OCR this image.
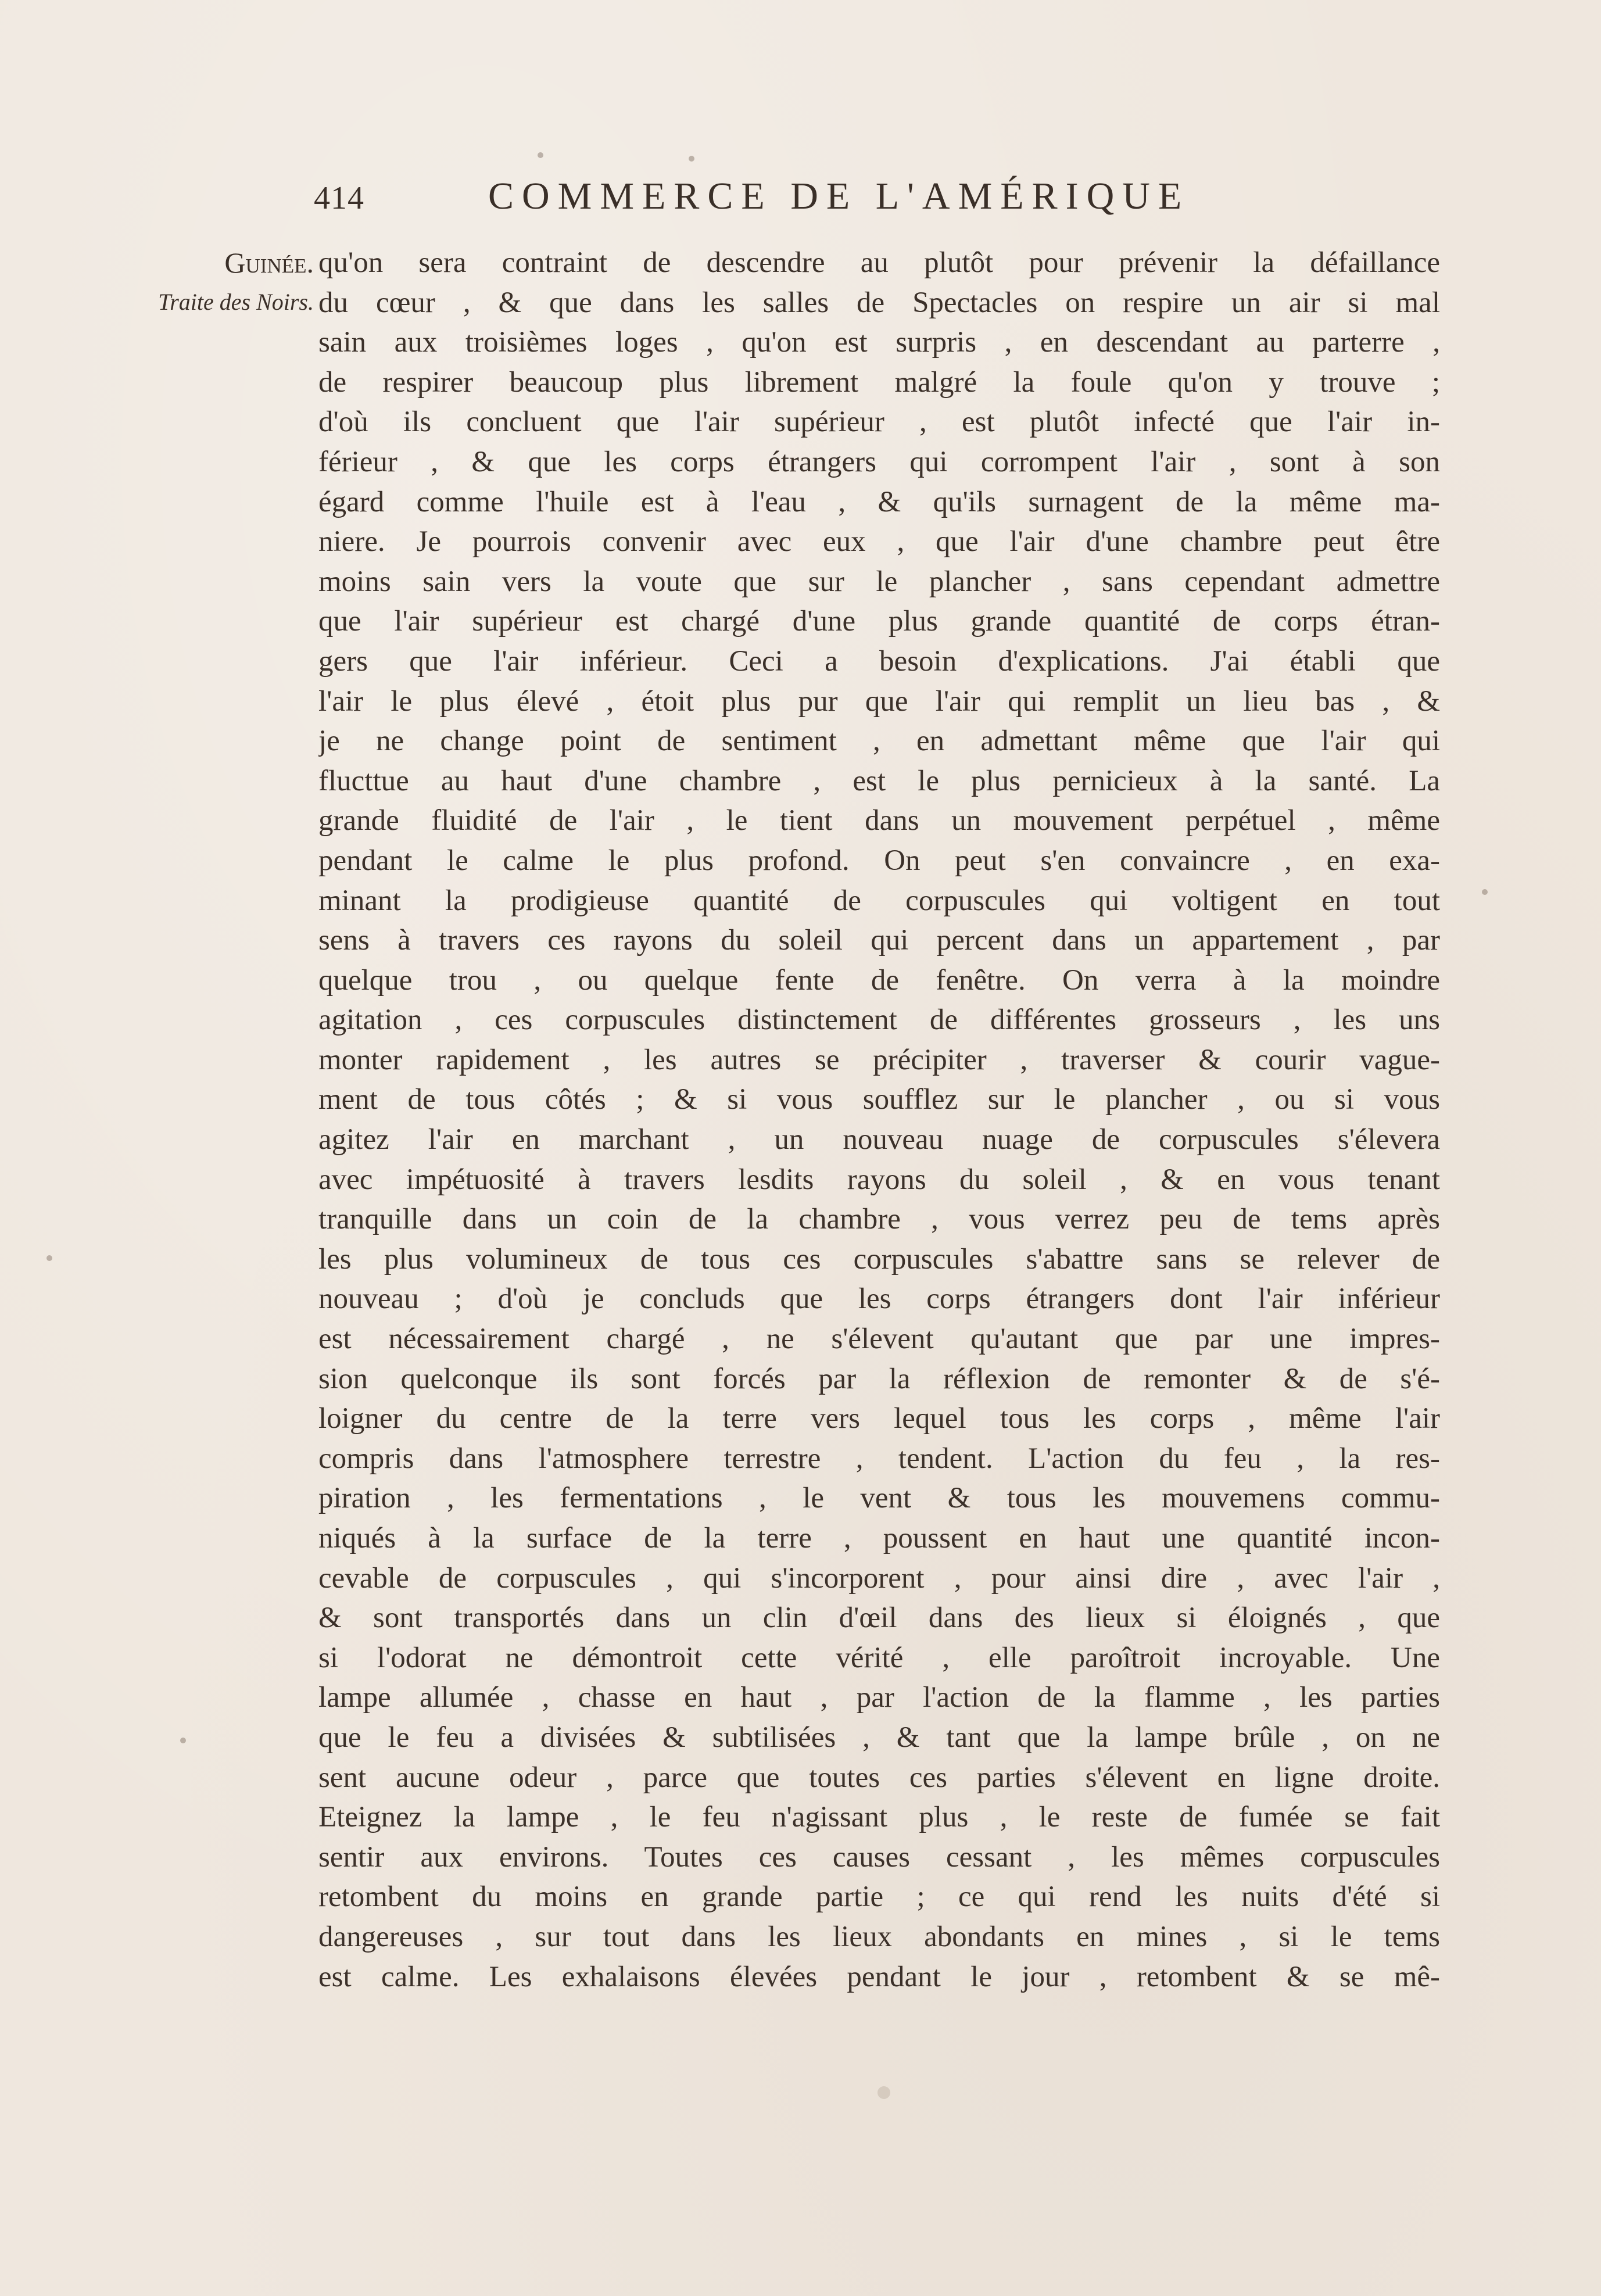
414	COMMERCE DE L'AMÉRIQUE
Guinée.
Traite des Noirs.
qu'on sera contraint de descendre au plutôt pour prévenir la défaillance
du cœur , & que dans les salles de Spectacles on respire un air si mal
sain aux troisièmes loges , qu'on est surpris , en descendant au parterre ,
de respirer beaucoup plus librement malgré la foule qu'on y trouve ;
d'où ils concluent que l'air supérieur , est plutôt infecté que l'air in-
férieur , & que les corps étrangers qui corrompent l'air , sont à son
égard comme l'huile est à l'eau , & qu'ils surnagent de la même ma-
niere. Je pourrois convenir avec eux , que l'air d'une chambre peut être
moins sain vers la voute que sur le plancher , sans cependant admettre
que l'air supérieur est chargé d'une plus grande quantité de corps étran-
gers que l'air inférieur. Ceci a besoin d'explications. J'ai établi que
l'air le plus élevé , étoit plus pur que l'air qui remplit un lieu bas , &
je ne change point de sentiment , en admettant même que l'air qui
flucttue au haut d'une chambre , est le plus pernicieux à la santé. La
grande fluidité de l'air , le tient dans un mouvement perpétuel , même
pendant le calme le plus profond. On peut s'en convaincre , en exa-
minant la prodigieuse quantité de corpuscules qui voltigent en tout
sens à travers ces rayons du soleil qui percent dans un appartement , par
quelque trou , ou quelque fente de fenêtre. On verra à la moindre
agitation , ces corpuscules distinctement de différentes grosseurs , les uns
monter rapidement , les autres se précipiter , traverser & courir vague-
ment de tous côtés ; & si vous soufflez sur le plancher , ou si vous
agitez l'air en marchant , un nouveau nuage de corpuscules s'élevera
avec impétuosité à travers lesdits rayons du soleil , & en vous tenant
tranquille dans un coin de la chambre , vous verrez peu de tems après
les plus volumineux de tous ces corpuscules s'abattre sans se relever de
nouveau ; d'où je concluds que les corps étrangers dont l'air inférieur
est nécessairement chargé , ne s'élevent qu'autant que par une impres-
sion quelconque ils sont forcés par la réflexion de remonter & de s'é-
loigner du centre de la terre vers lequel tous les corps , même l'air
compris dans l'atmosphere terrestre , tendent. L'action du feu , la res-
piration , les fermentations , le vent & tous les mouvemens commu-
niqués à la surface de la terre , poussent en haut une quantité incon-
cevable de corpuscules , qui s'incorporent , pour ainsi dire , avec l'air ,
& sont transportés dans un clin d'œil dans des lieux si éloignés , que
si l'odorat ne démontroit cette vérité , elle paroîtroit incroyable. Une
lampe allumée , chasse en haut , par l'action de la flamme , les parties
que le feu a divisées & subtilisées , & tant que la lampe brûle , on ne
sent aucune odeur , parce que toutes ces parties s'élevent en ligne droite.
Eteignez la lampe , le feu n'agissant plus , le reste de fumée se fait
sentir aux environs. Toutes ces causes cessant , les mêmes corpuscules
retombent du moins en grande partie ; ce qui rend les nuits d'été si
dangereuses , sur tout dans les lieux abondants en mines , si le tems
est calme. Les exhalaisons élevées pendant le jour , retombent & se mê-
